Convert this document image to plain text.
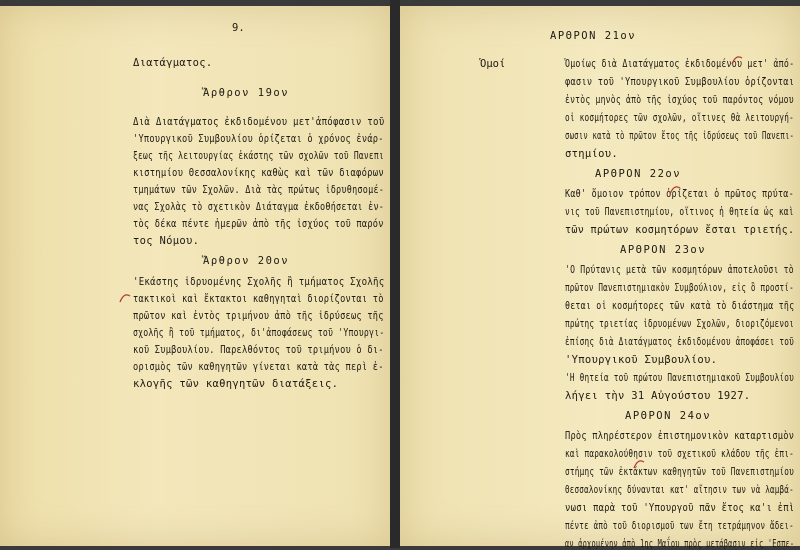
9.
Διατάγματος.
Ἄρθρον 19ον
Διὰ Διατάγματος ἐκδιδομένου μετ'ἀπόφασιν τοῦ
'Υπουργικοῦ Συμβουλίου ὁρίζεται ὁ χρόνος ἐνάρ-
ξεως τῆς λειτουργίας ἑκάστης τῶν σχολῶν τοῦ Πανεπι
κιστημίου Θεσσαλονίκης καθὼς καὶ τῶν διαφόρων
τμημάτων τῶν Σχολῶν. Διὰ τὰς πρώτως ἱδρυθησομέ-
νας Σχολὰς τὸ σχετικὸν Διάταγμα ἐκδοθήσεται ἐν-
τὸς δέκα πέντε ἡμερῶν ἀπὸ τῆς ἰσχύος τοῦ παρόν
τος Νόμου.
Ἄρθρον 20ον
'Εκάστης ἱδρυομένης Σχολῆς ἢ τμήματος Σχολῆς
τακτικοὶ καὶ ἔκτακτοι καθηγηταὶ διορίζονται τὸ
πρῶτον καὶ ἐντὸς τριμήνου ἀπὸ τῆς ἱδρύσεως τῆς
σχολῆς ἢ τοῦ τμήματος, δι'ἀποφάσεως τοῦ 'Υπουργι-
κοῦ Συμβουλίου. Παρελθόντος τοῦ τριμήνου ὁ δι-
ορισμὸς τῶν καθηγητῶν γίνεται κατὰ τὰς περὶ ἐ-
κλογῆς τῶν καθηγητῶν διατάξεις.
ΑΡΘΡΟΝ 21ον
Ὁμοί	Ὁμοίως διὰ Διατάγματος ἐκδιδομένου μετ' ἀπό-
φασιν τοῦ 'Υπουργικοῦ Συμβουλίου ὁρίζονται
ἐντὸς μηνὸς ἀπὸ τῆς ἰσχύος τοῦ παρόντος νόμου
οἱ κοσμήτορες τῶν σχολῶν, οἵτινες θὰ λειτουργή-
σωσιν κατὰ τὸ πρῶτον ἔτος τῆς ἱδρύσεως τοῦ Πανεπι-
στημίου.
ΑΡΘΡΟΝ 22ον
Καθ' ὅμοιον τρόπον ὁρίζεται ὁ πρῶτος πρύτα-
νις τοῦ Πανεπιστημίου, οἵτινος ἡ θητεία ὡς καὶ
τῶν πρώτων κοσμητόρων ἔσται τριετής.
ΑΡΘΡΟΝ 23ον
'Ο Πρύτανις μετὰ τῶν κοσμητόρων ἀποτελοῦσι τὸ
πρῶτον Πανεπιστημιακὸν Συμβούλιον, εἰς ὃ προστί-
θεται οἱ κοσμήτορες τῶν κατὰ τὸ διάστημα τῆς
πρώτης τριετίας ἱδρυομένων Σχολῶν, διοριζόμενοι
ἐπίσης διὰ Διατάγματος ἐκδιδομένου ἀποφάσει τοῦ
'Υπουργικοῦ Συμβουλίου.
'Η θητεία τοῦ πρώτου Πανεπιστημιακοῦ Συμβουλίου
λήγει τὴν 31 Αὐγούστου 1927.
ΑΡΘΡΟΝ 24ον
Πρὸς πληρέστερον ἐπιστημονικὸν καταρτισμὸν
καὶ παρακολούθησιν τοῦ σχετικοῦ κλάδου τῆς ἐπι-
στήμης τῶν ἐκτάκτων καθηγητῶν τοῦ Πανεπιστημίου
Θεσσαλονίκης δύνανται κατ' αἴτησιν των νὰ λαμβά-
νωσι παρὰ τοῦ 'Υπουργοῦ πᾶν ἔτος κα'ι ἐπὶ
πέντε ἀπὸ τοῦ διορισμοῦ των ἔτη τετράμηνον ἄδει-
αν ἀρχομένην ἀπὸ 1ης Μαΐου πρὸς μετάβασιν εἰς 'Εσπε-
